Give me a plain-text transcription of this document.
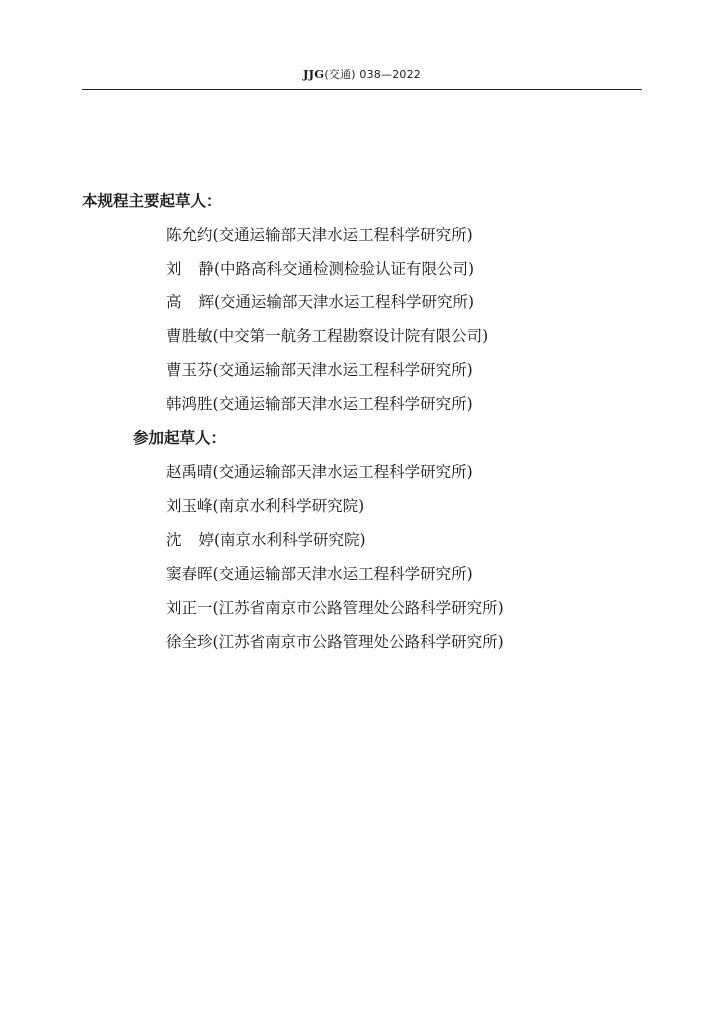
JJG(交通) 038—2022
本规程主要起草人：
陈允约(交通运输部天津水运工程科学研究所)
刘 静(中路高科交通检测检验认证有限公司)
高 辉(交通运输部天津水运工程科学研究所)
曹胜敏(中交第一航务工程勘察设计院有限公司)
曹玉芬(交通运输部天津水运工程科学研究所)
韩鸿胜(交通运输部天津水运工程科学研究所)
参加起草人：
赵禹晴(交通运输部天津水运工程科学研究所)
刘玉峰(南京水利科学研究院)
沈 婷(南京水利科学研究院)
窦春晖(交通运输部天津水运工程科学研究所)
刘正一(江苏省南京市公路管理处公路科学研究所)
徐全珍(江苏省南京市公路管理处公路科学研究所)
